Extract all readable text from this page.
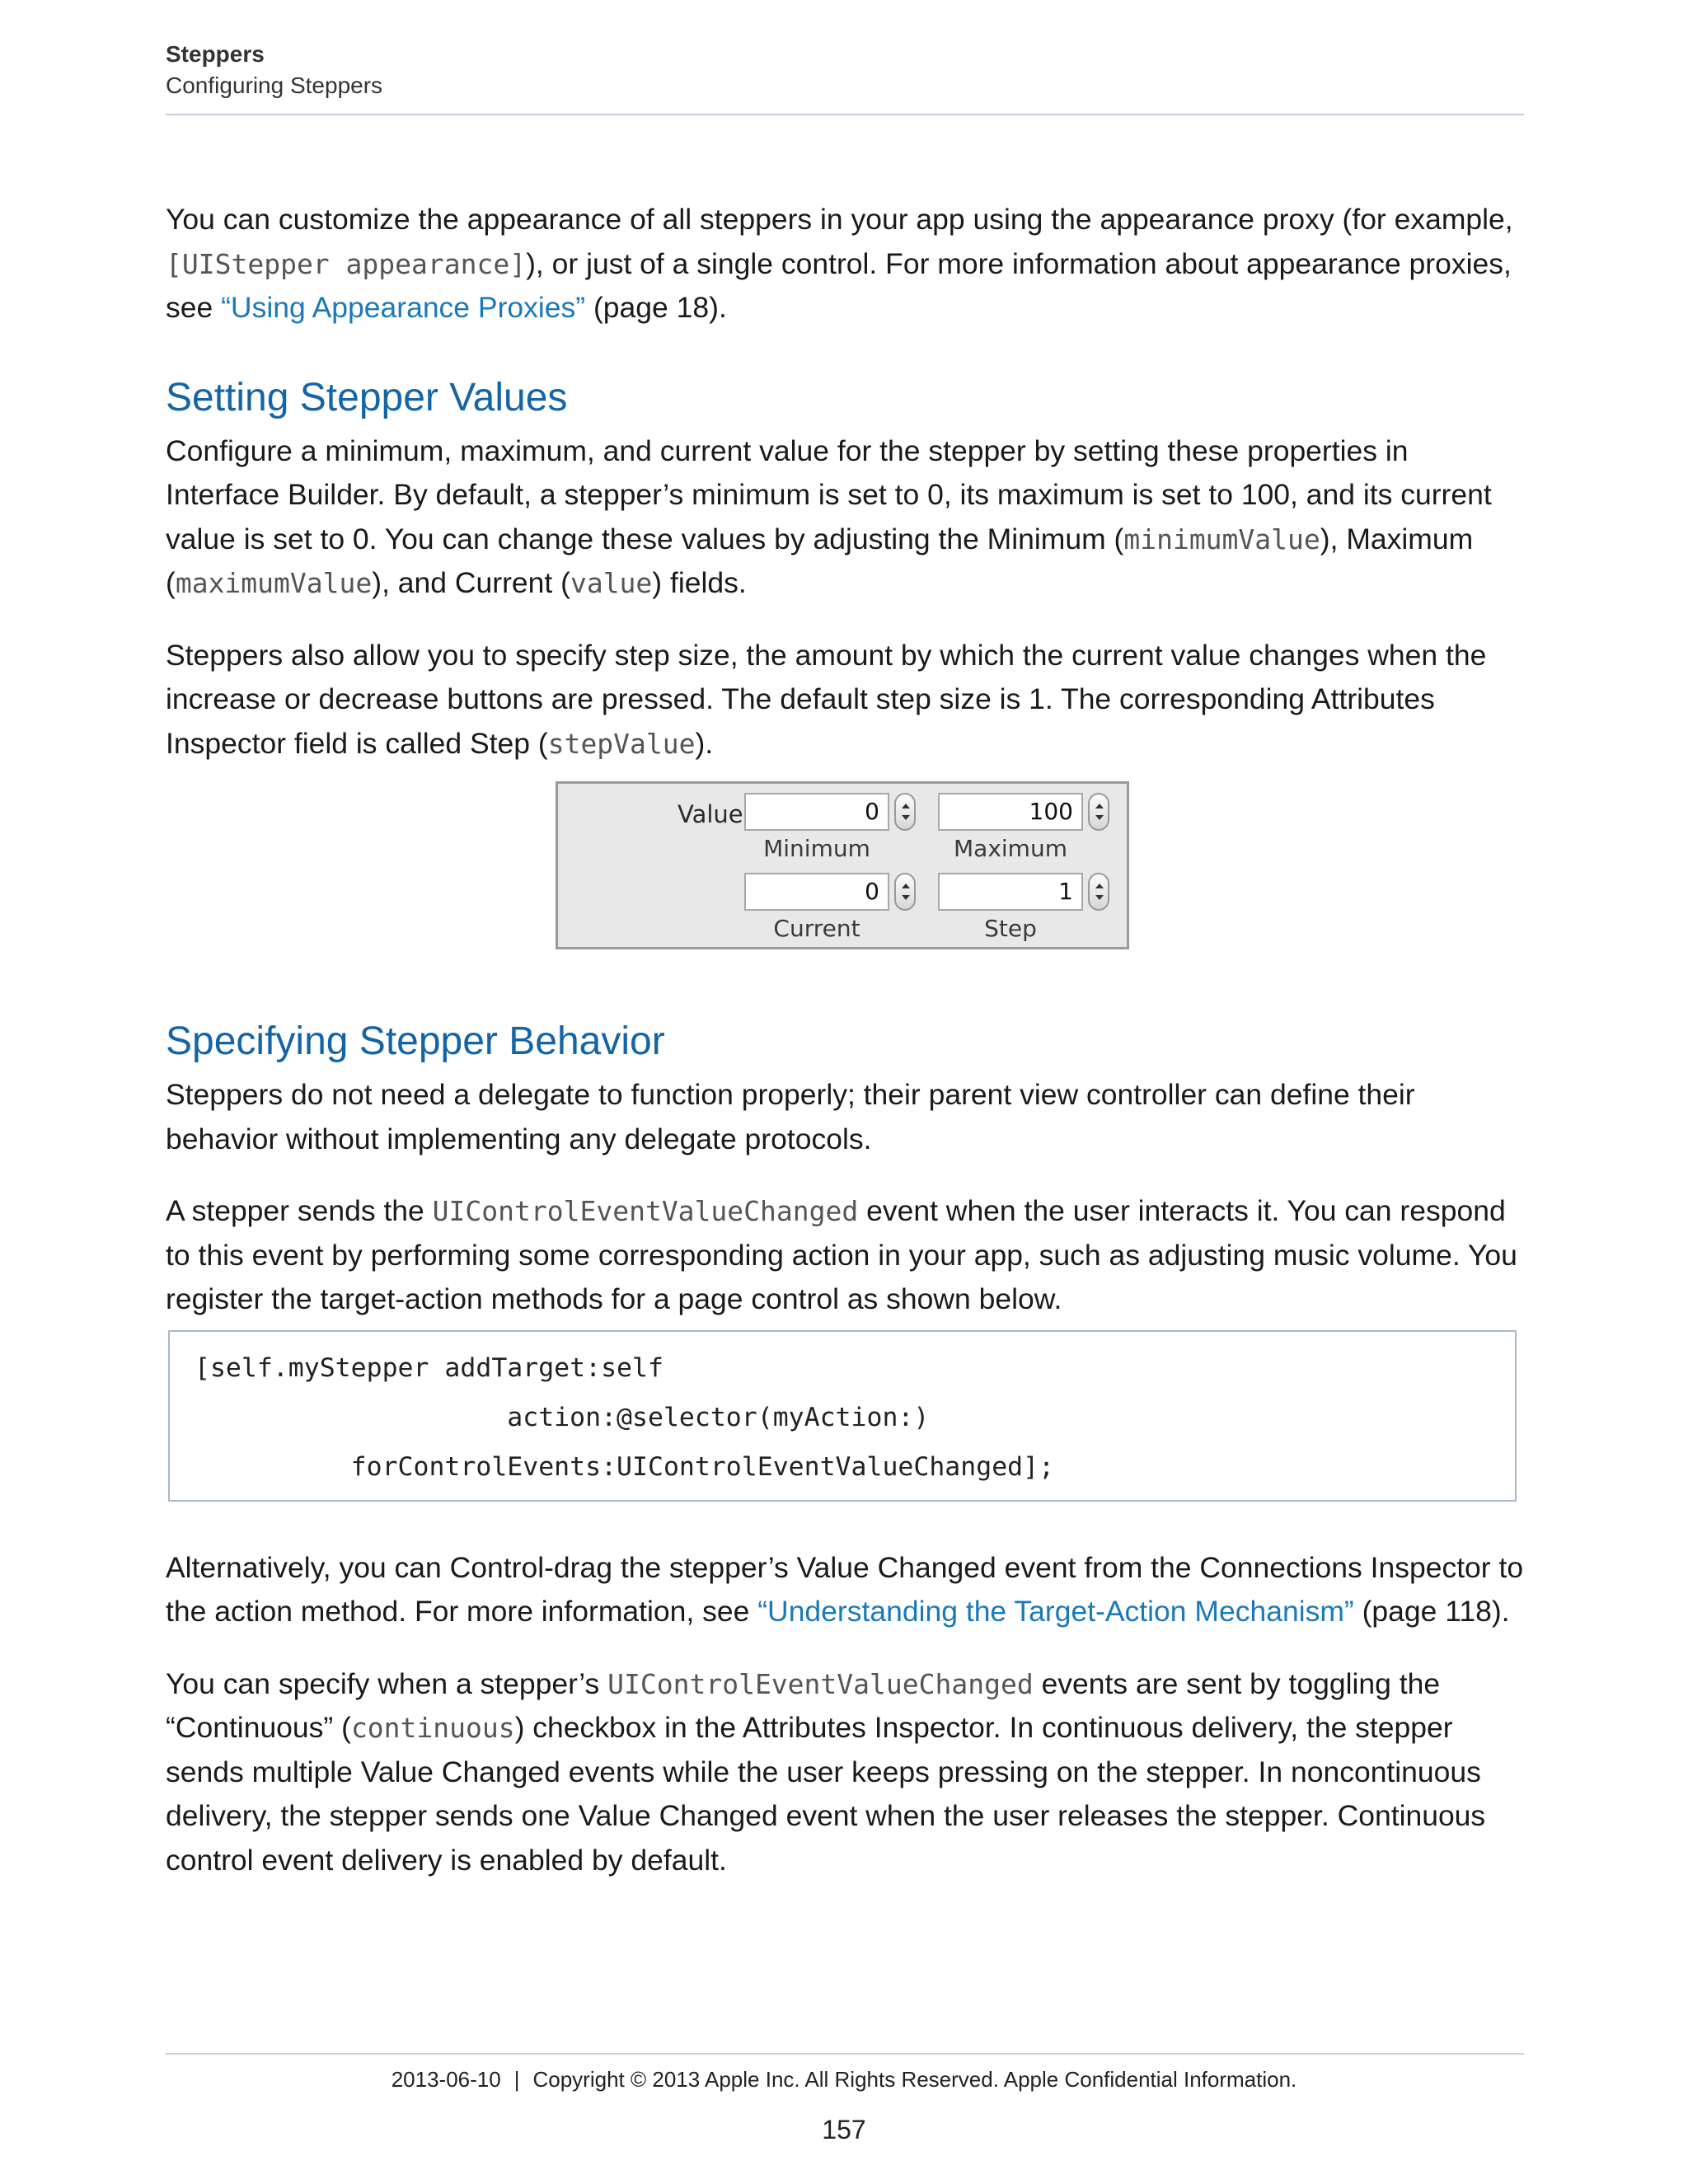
Steppers
Configuring Steppers

You can customize the appearance of all steppers in your app using the appearance proxy (for example, [UIStepper appearance]), or just of a single control. For more information about appearance proxies, see “Using Appearance Proxies” (page 18).

Setting Stepper Values

Configure a minimum, maximum, and current value for the stepper by setting these properties in Interface Builder. By default, a stepper’s minimum is set to 0, its maximum is set to 100, and its current value is set to 0. You can change these values by adjusting the Minimum (minimumValue), Maximum (maximumValue), and Current (value) fields.

Steppers also allow you to specify step size, the amount by which the current value changes when the increase or decrease buttons are pressed. The default step size is 1. The corresponding Attributes Inspector field is called Step (stepValue).

Value	0
Minimum
100
Maximum
0
Current
1
Step
Specifying Stepper Behavior

Steppers do not need a delegate to function properly; their parent view controller can define their behavior without implementing any delegate protocols.

A stepper sends the UIControlEventValueChanged event when the user interacts it. You can respond to this event by performing some corresponding action in your app, such as adjusting music volume. You register the target-action methods for a page control as shown below.

[self.myStepper addTarget:self
action:@selector(myAction:)
forControlEvents:UIControlEventValueChanged];

Alternatively, you can Control-drag the stepper’s Value Changed event from the Connections Inspector to the action method. For more information, see “Understanding the Target-Action Mechanism” (page 118).

You can specify when a stepper’s UIControlEventValueChanged events are sent by toggling the “Continuous” (continuous) checkbox in the Attributes Inspector. In continuous delivery, the stepper sends multiple Value Changed events while the user keeps pressing on the stepper. In noncontinuous delivery, the stepper sends one Value Changed event when the user releases the stepper. Continuous control event delivery is enabled by default.

2013-06-10 | Copyright © 2013 Apple Inc. All Rights Reserved. Apple Confidential Information.
157
